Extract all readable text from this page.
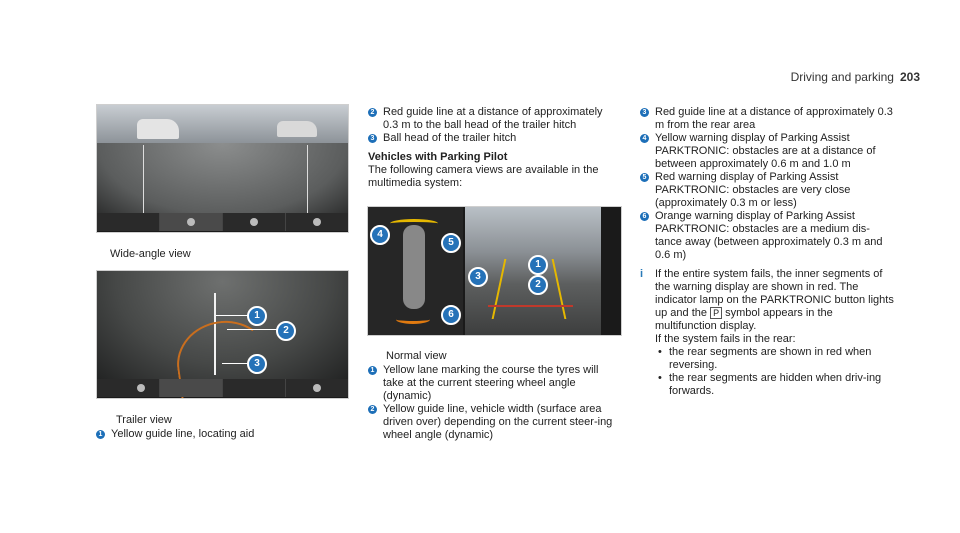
Driving and parking 203
Wide-angle view
1
2
3
Trailer view

1 Yellow guide line, locating aid

2 Red guide line at a distance of approximately 0.3 m to the ball head of the trailer hitch

3 Ball head of the trailer hitch

Vehicles with Parking Pilot
The following camera views are available in the multimedia system:
4
5
1
3
2
6
Normal view

1 Yellow lane marking the course the tyres will take at the current steering wheel angle (dynamic)

2 Yellow guide line, vehicle width (surface area driven over) depending on the current steer-ing wheel angle (dynamic)

3 Red guide line at a distance of approximately 0.3 m from the rear area

4 Yellow warning display of Parking Assist PARKTRONIC: obstacles are at a distance of between approximately 0.6 m and 1.0 m

5 Red warning display of Parking Assist PARKTRONIC: obstacles are very close (approximately 0.3 m or less)

6 Orange warning display of Parking Assist PARKTRONIC: obstacles are a medium dis-tance away (between approximately 0.3 m and 0.6 m)

i If the entire system fails, the inner segments of the warning display are shown in red. The indicator lamp on the PARKTRONIC button lights up and the P symbol appears in the multifunction display.
If the system fails in the rear:
• the rear segments are shown in red when reversing.
• the rear segments are hidden when driv-ing forwards.
